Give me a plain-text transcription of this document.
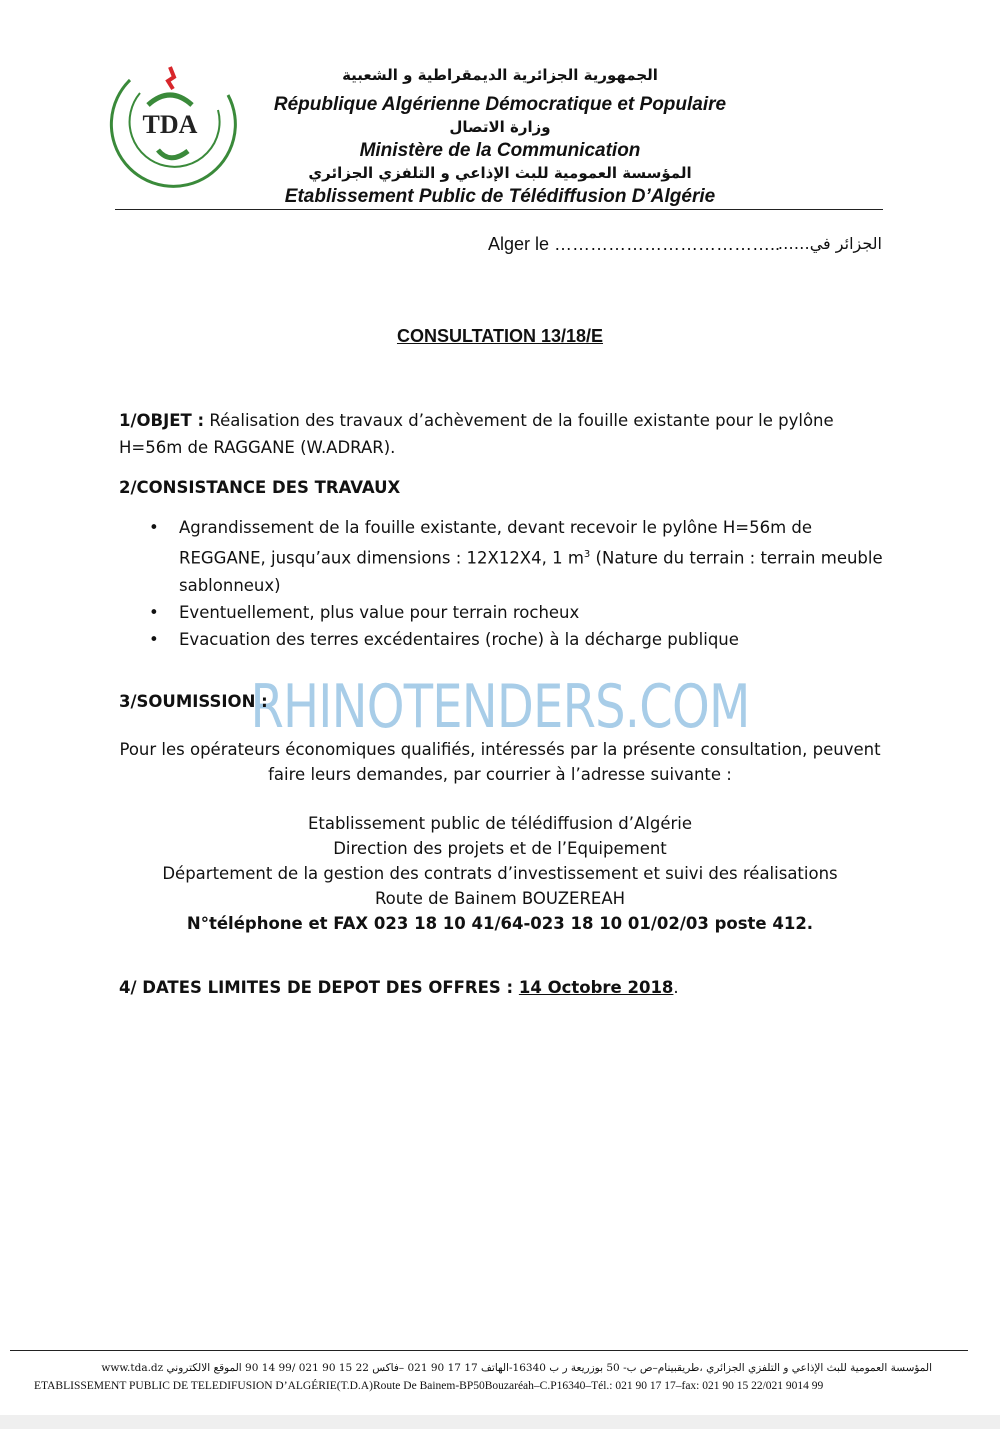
TDA
الجمهورية الجزائرية الديمقراطية و الشعبية
République Algérienne Démocratique et Populaire
وزارة الاتصال
Ministère de la Communication
المؤسسة العمومية للبث الإذاعي و التلفزي الجزائري
Etablissement Public de Télédiffusion D’Algérie
Alger le ………………………………..
الجزائر في……
CONSULTATION 13/18/E
1/OBJET : Réalisation des travaux d’achèvement de la fouille existante pour le pylône H=56m de RAGGANE (W.ADRAR).
2/CONSISTANCE DES TRAVAUX
• Agrandissement de la fouille existante, devant recevoir le pylône H=56m de REGGANE, jusqu’aux dimensions : 12X12X4, 1 $m^3$ (Nature du terrain : terrain meuble sablonneux)
• Eventuellement, plus value pour terrain rocheux
• Evacuation des terres excédentaires (roche) à la décharge publique
RHINOTENDERS.COM
3/SOUMISSION :
Pour les opérateurs économiques qualifiés, intéressés par la présente consultation, peuvent faire leurs demandes, par courrier à l’adresse suivante :
Etablissement public de télédiffusion d’Algérie
Direction des projets et de l’Equipement
Département de la gestion des contrats d’investissement et suivi des réalisations
Route de Bainem BOUZEREAH
N°téléphone et FAX 023 18 10 41/64-023 18 10 01/02/03 poste 412.
4/ DATES LIMITES DE DEPOT DES OFFRES : 14 Octobre 2018.
المؤسسة العمومية للبث الإذاعي و التلفزي الجزائري ،طريقبينام–ص ب- 50 بوزريعة ر ب 16340-الهاتف 17 17 90 021 –فاكس 22 15 90 021 /99 14 90 الموقع الالكتروني www.tda.dz
ETABLISSEMENT PUBLIC DE TELEDIFUSION D’ALGÉRIE(T.D.A)Route De Bainem-BP50Bouzaréah–C.P16340–Tél.: 021 90 17 17–fax: 021 90 15 22/021 9014 99
